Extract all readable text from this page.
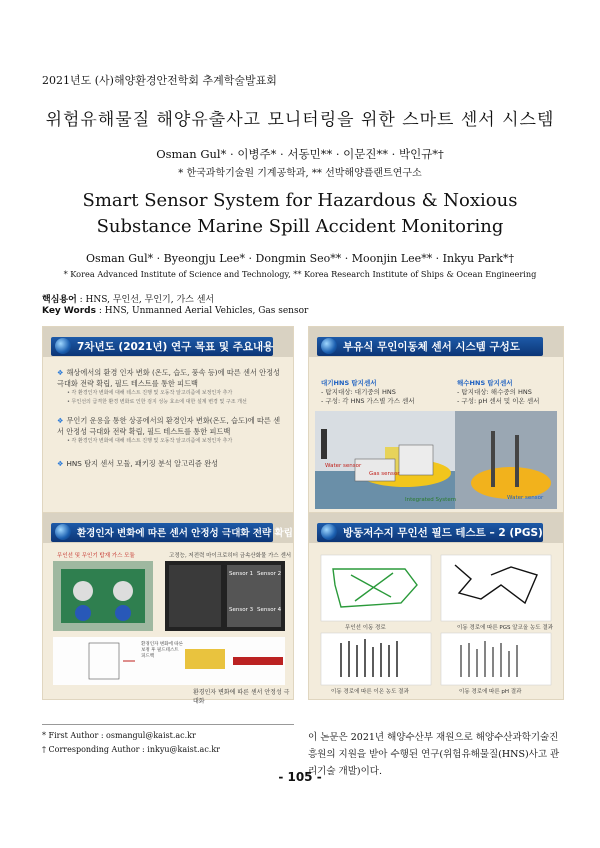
2021년도 (사)해양환경안전학회 추계학술발표회
위험유해물질 해양유출사고 모니터링을 위한 스마트 센서 시스템
Osman Gul* · 이병주* · 서동민** · 이문진** · 박인규*†
* 한국과학기술원 기계공학과, ** 선박해양플랜트연구소
Smart Sensor System for Hazardous & Noxious Substance Marine Spill Accident Monitoring
Osman Gul* · Byeongju Lee* · Dongmin Seo** · Moonjin Lee** · Inkyu Park*†
* Korea Advanced Institute of Science and Technology, ** Korea Research Institute of Ships & Ocean Engineering
핵심용어 : HNS, 무인선, 무인기, 가스 센서
Key Words : HNS, Unmanned Aerial Vehicles, Gas sensor
7차년도 (2021년) 연구 목표 및 주요내용
❖ 해상에서의 환경 인자 변화 (온도, 습도, 풍속 등)에 따른 센서 안정성 극대화 전략 확립, 필드 테스트를 통한 피드백
• 각 환경인자 변화에 대해 테스트 진행 및 오동작 알고리즘에 보정인자 추가
• 무인선의 급격한 환경 변화로 인한 검지 성능 효소에 대한 설계 변경 및 구조 개선
❖ 무인기 운용을 통한 상공에서의 환경인자 변화(온도, 습도)에 따른 센서 안정성 극대화 전략 확립, 필드 테스트를 통한 피드백
• 각 환경인자 변화에 대해 테스트 진행 및 오동작 알고리즘에 보정인자 추가
❖ HNS 탐지 센서 모듈, 패키징 분석 알고리즘 완성
부유식 무인이동체 센서 시스템 구성도
대기HNS 탐지센서
- 탐지대상: 대기중의 HNS
- 구성: 각 HNS 가스별 가스 센서
해수HNS 탐지센서
- 탐지대상: 해수중의 HNS
- 구성: pH 센서 및 이온 센서
Gas sensor
Water sensor
Integrated System	Water sensor
환경인자 변화에 따른 센서 안정성 극대화 전략 확립
무인선 및 무인기 탑재 가스 모듈	고정능, 저전력 마이크로히터 금속산화물 가스 센서
Sensor 1 Sensor 2
Sensor 3 Sensor 4
환경인자 변화에 따른 보정 후 필드테스트 피드백
환경인자 변화에 따른 센서 안정성 극대화
방동저수지 무인선 필드 테스트 – 2 (PGS)
무인선 이동 경로	이동 경로에 따른 PGS 알코올 농도 결과
이동 경로에 따른 이온 농도 결과	이동 경로에 따른 pH 결과
* First Author : osmangul@kaist.ac.kr
† Corresponding Author : inkyu@kaist.ac.kr
이 논문은 2021년 해양수산부 재원으로 해양수산과학기술진흥원의 지원을 받아 수행된 연구(위험유해물질(HNS)사고 관리기술 개발)이다.
- 105 -
